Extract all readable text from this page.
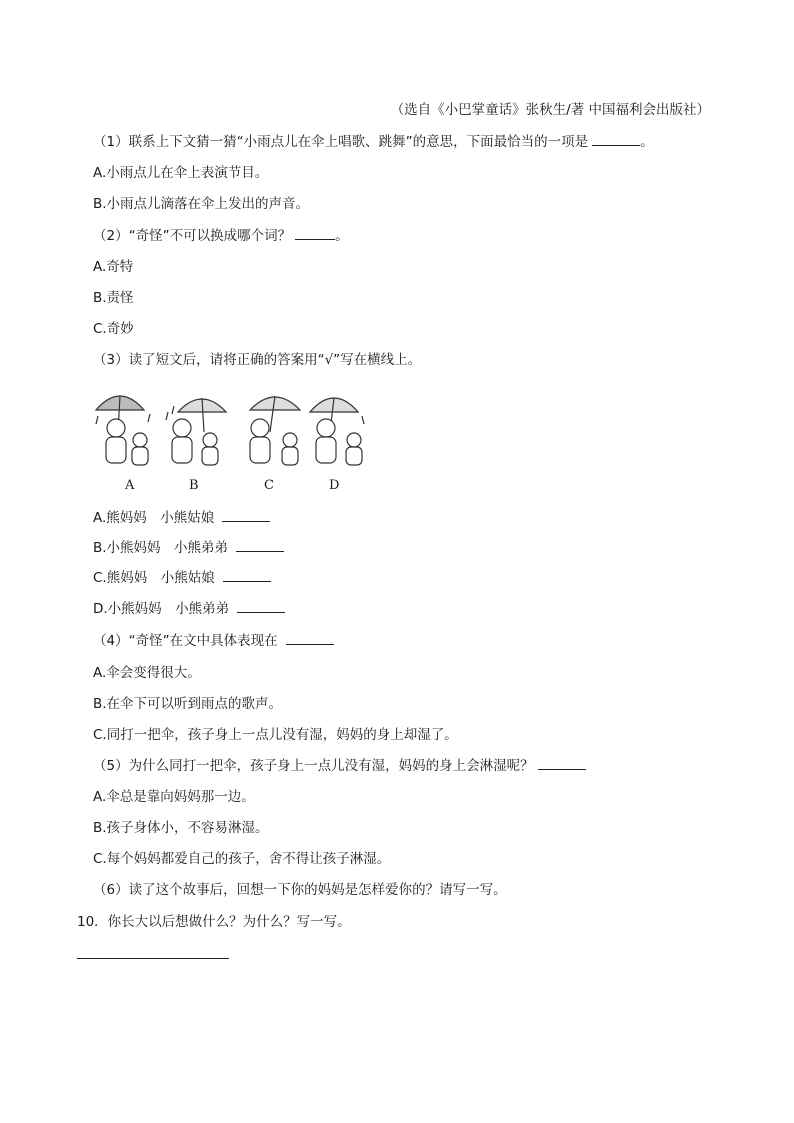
（选自《小巴掌童话》张秋生/著 中国福利会出版社）
（1）联系上下文猜一猜“小雨点儿在伞上唱歌、跳舞”的意思，下面最恰当的一项是	。
A.小雨点儿在伞上表演节目。
B.小雨点儿滴落在伞上发出的声音。
（2）“奇怪”不可以换成哪个词？	。
A.奇特
B.责怪
C.奇妙
（3）读了短文后，请将正确的答案用“√”写在横线上。
A	B	C	D
A.熊妈妈　小熊姑娘
B.小熊妈妈　小熊弟弟
C.熊妈妈　小熊姑娘
D.小熊妈妈　小熊弟弟
（4）“奇怪”在文中具体表现在
A.伞会变得很大。
B.在伞下可以听到雨点的歌声。
C.同打一把伞，孩子身上一点儿没有湿，妈妈的身上却湿了。
（5）为什么同打一把伞，孩子身上一点儿没有湿，妈妈的身上会淋湿呢？
A.伞总是靠向妈妈那一边。
B.孩子身体小，不容易淋湿。
C.每个妈妈都爱自己的孩子，舍不得让孩子淋湿。
（6）读了这个故事后，回想一下你的妈妈是怎样爱你的？请写一写。
10．你长大以后想做什么？为什么？写一写。
